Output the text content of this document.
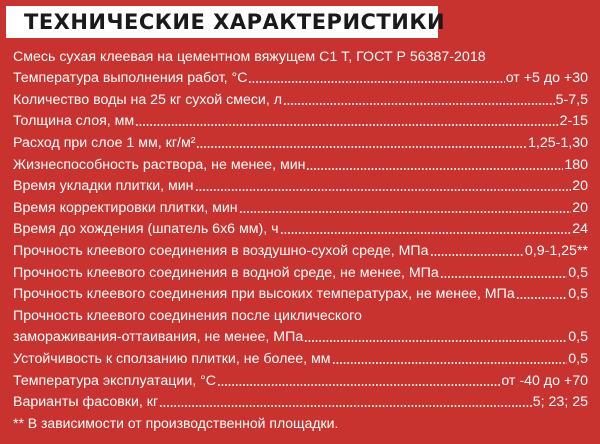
ТЕХНИЧЕСКИЕ ХАРАКТЕРИСТИКИ
Смесь сухая клеевая на цементном вяжущем С1 Т, ГОСТ Р 56387-2018
Температура выполнения работ, °С	от +5 до +30
Количество воды на 25 кг сухой смеси, л	5-7,5
Толщина слоя, мм	2-15
Расход при слое 1 мм, кг/м²	1,25-1,30
Жизнеспособность раствора, не менее, мин	180
Время укладки плитки, мин	20
Время корректировки плитки, мин	20
Время до хождения (шпатель 6х6 мм), ч	24
Прочность клеевого соединения в воздушно-сухой среде, МПа	0,9-1,25**
Прочность клеевого соединения в водной среде, не менее, МПа	0,5
Прочность клеевого соединения при высоких температурах, не менее, МПа	0,5
Прочность клеевого соединения после циклического
замораживания-оттаивания, не менее, МПа	0,5
Устойчивость к сползанию плитки, не более, мм	0,5
Температура эксплуатации, °С	от -40 до +70
Варианты фасовки, кг	5; 23; 25
** В зависимости от производственной площадки.
